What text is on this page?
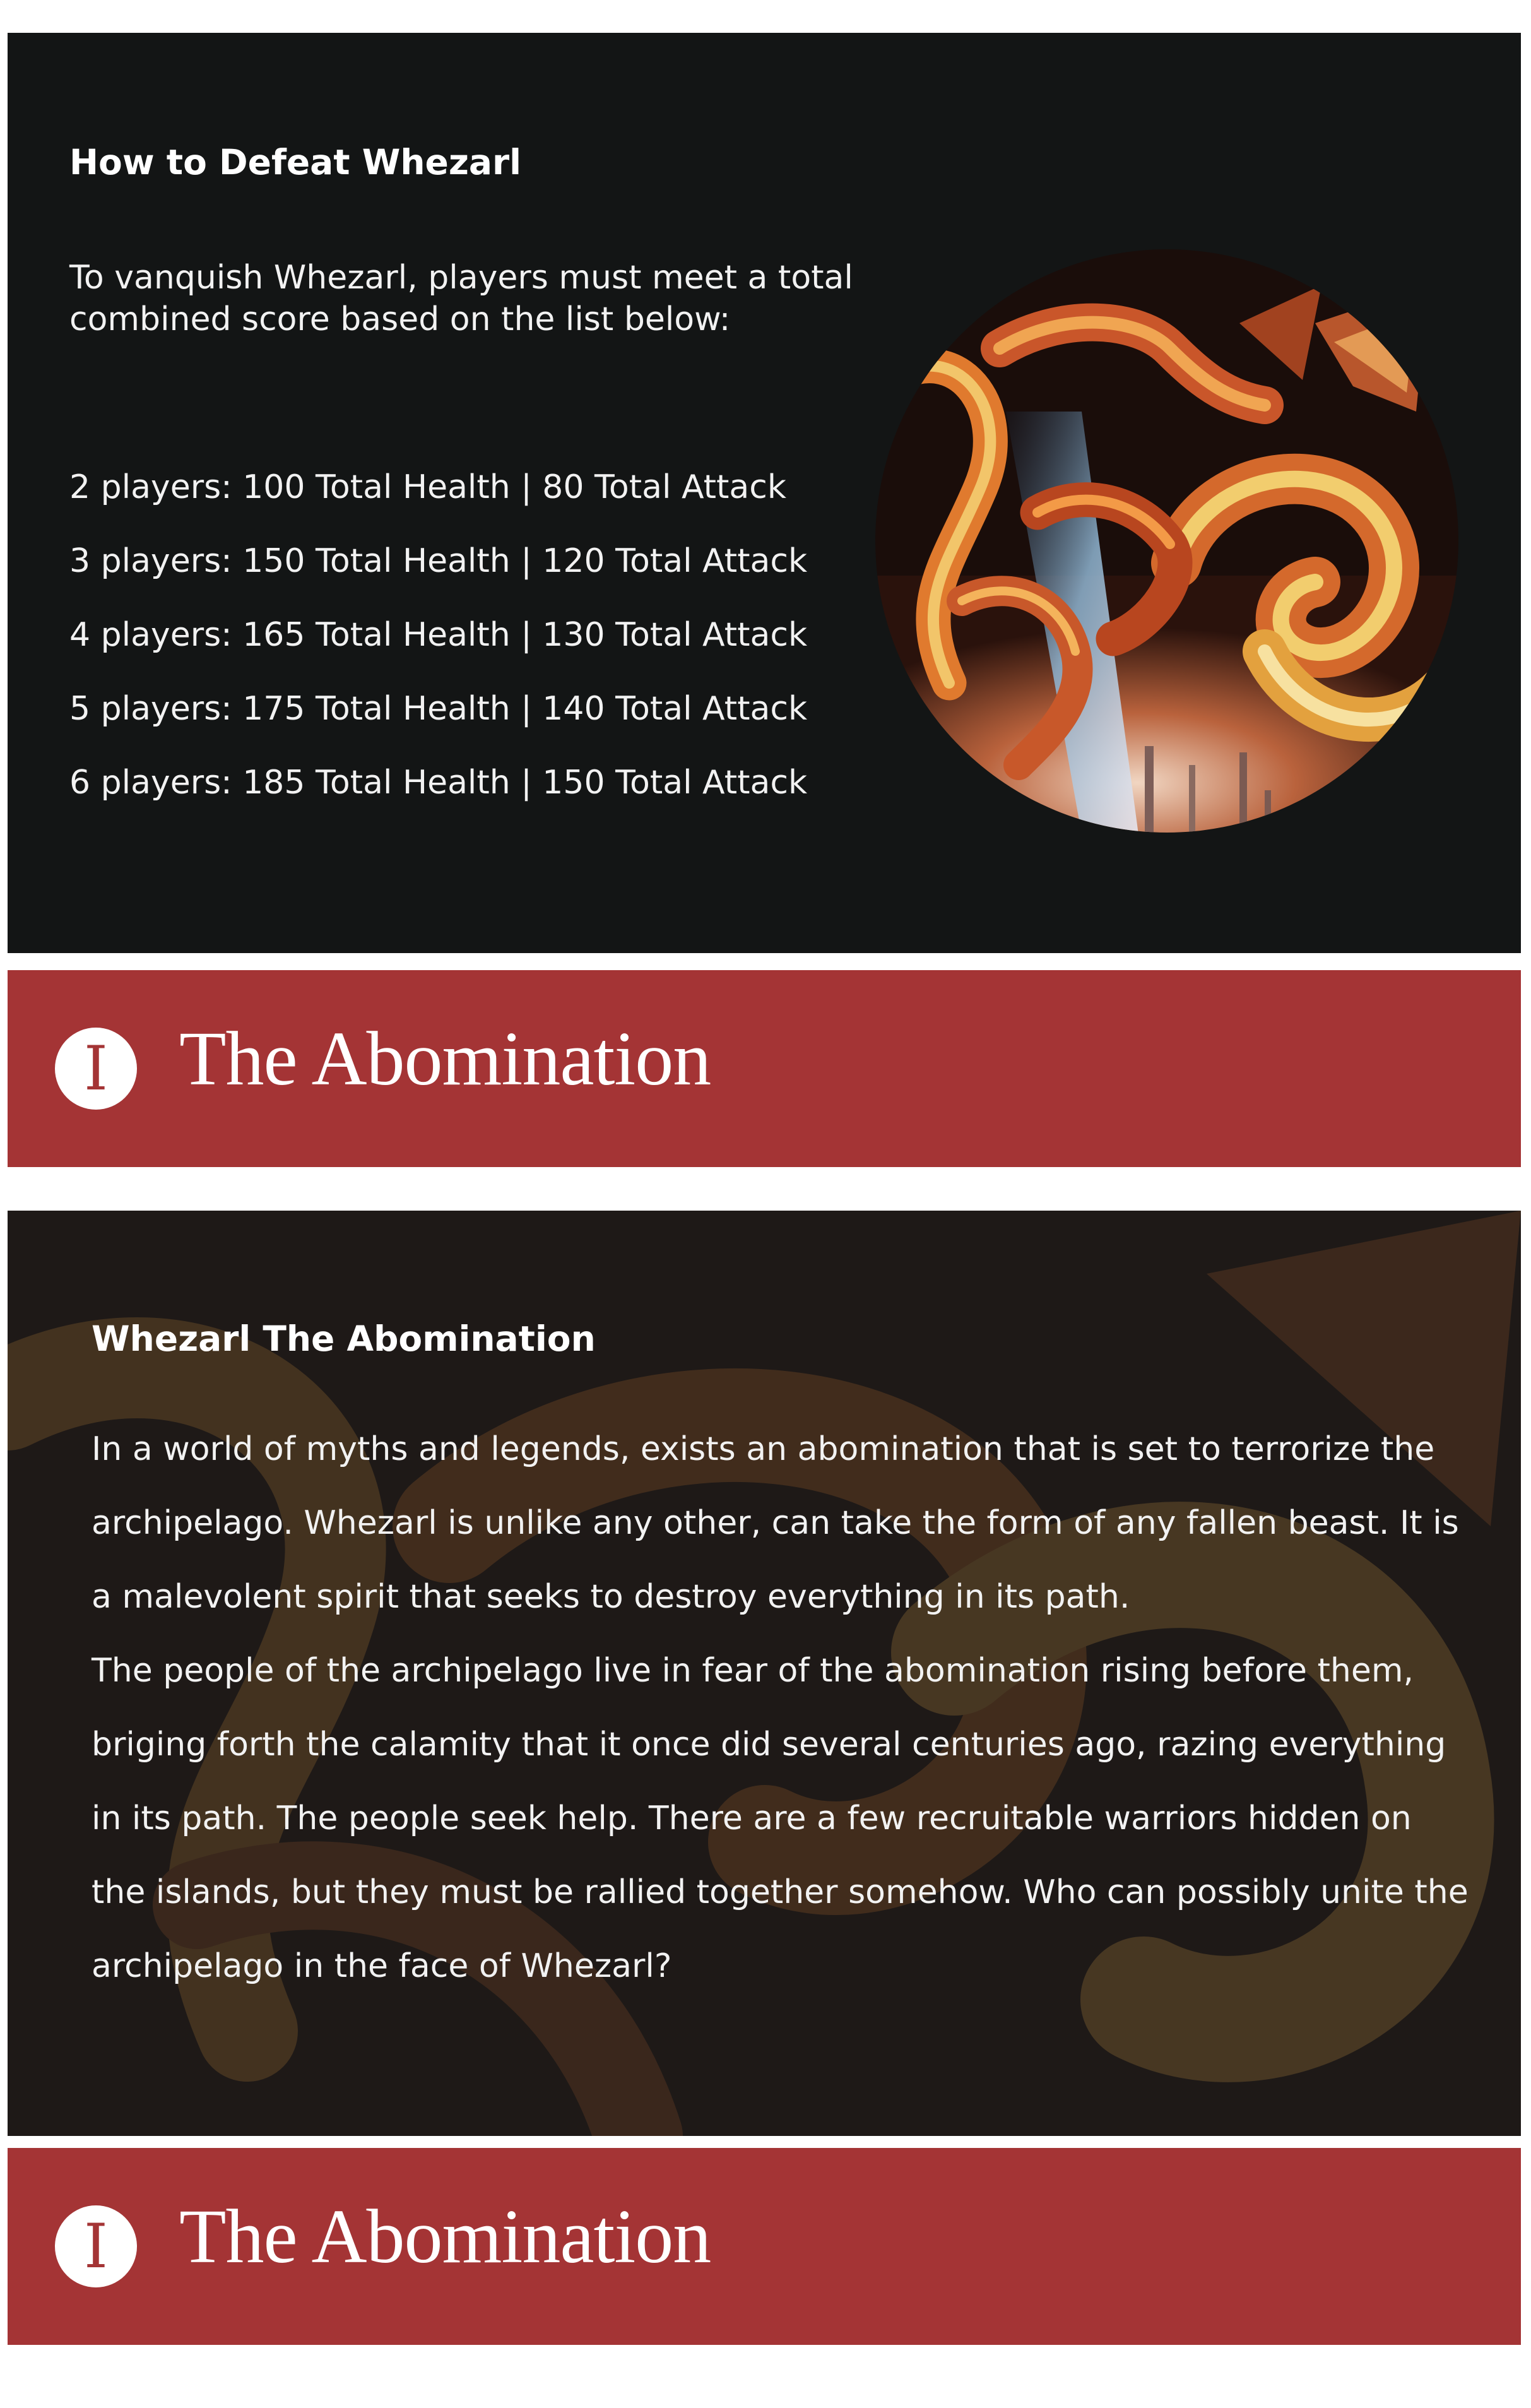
How to Defeat Whezarl
To vanquish Whezarl, players must meet a total combined score based on the list below:
2 players: 100 Total Health | 80 Total Attack
3 players: 150 Total Health | 120 Total Attack
4 players: 165 Total Health | 130 Total Attack
5 players: 175 Total Health | 140 Total Attack
6 players: 185 Total Health | 150 Total Attack
I The Abomination
Whezarl The Abomination

In a world of myths and legends, exists an abomination that is set to terrorize the archipelago. Whezarl is unlike any other, can take the form of any fallen beast. It is a malevolent spirit that seeks to destroy everything in its path.

The people of the archipelago live in fear of the abomination rising before them, briging forth the calamity that it once did several centuries ago, razing everything in its path. The people seek help. There are a few recruitable warriors hidden on the islands, but they must be rallied together somehow. Who can possibly unite the archipelago in the face of Whezarl?

I The Abomination
